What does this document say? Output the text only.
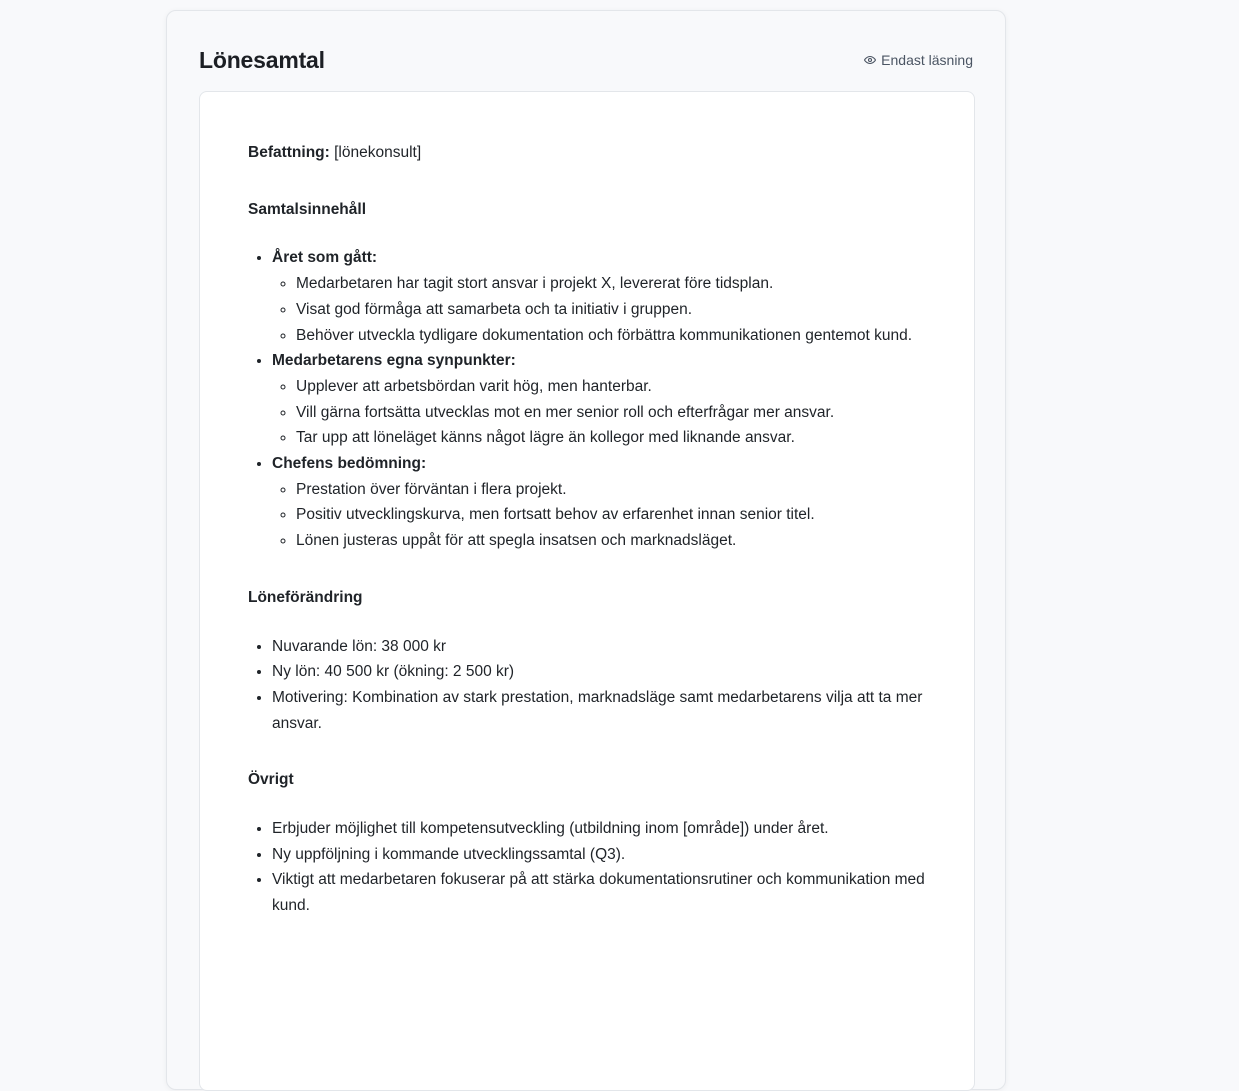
Lönesamtal	Endast läsning

Befattning: [lönekonsult]

Samtalsinnehåll

• Året som gått:
◦ Medarbetaren har tagit stort ansvar i projekt X, levererat före tidsplan.
◦ Visat god förmåga att samarbeta och ta initiativ i gruppen.
◦ Behöver utveckla tydligare dokumentation och förbättra kommunikationen gentemot kund.
• Medarbetarens egna synpunkter:
◦ Upplever att arbetsbördan varit hög, men hanterbar.
◦ Vill gärna fortsätta utvecklas mot en mer senior roll och efterfrågar mer ansvar.
◦ Tar upp att löneläget känns något lägre än kollegor med liknande ansvar.
• Chefens bedömning:
◦ Prestation över förväntan i flera projekt.
◦ Positiv utvecklingskurva, men fortsatt behov av erfarenhet innan senior titel.
◦ Lönen justeras uppåt för att spegla insatsen och marknadsläget.

Löneförändring

• Nuvarande lön: 38 000 kr
• Ny lön: 40 500 kr (ökning: 2 500 kr)
• Motivering: Kombination av stark prestation, marknadsläge samt medarbetarens vilja att ta mer ansvar.

Övrigt

• Erbjuder möjlighet till kompetensutveckling (utbildning inom [område]) under året.
• Ny uppföljning i kommande utvecklingssamtal (Q3).
• Viktigt att medarbetaren fokuserar på att stärka dokumentationsrutiner och kommunikation med kund.
